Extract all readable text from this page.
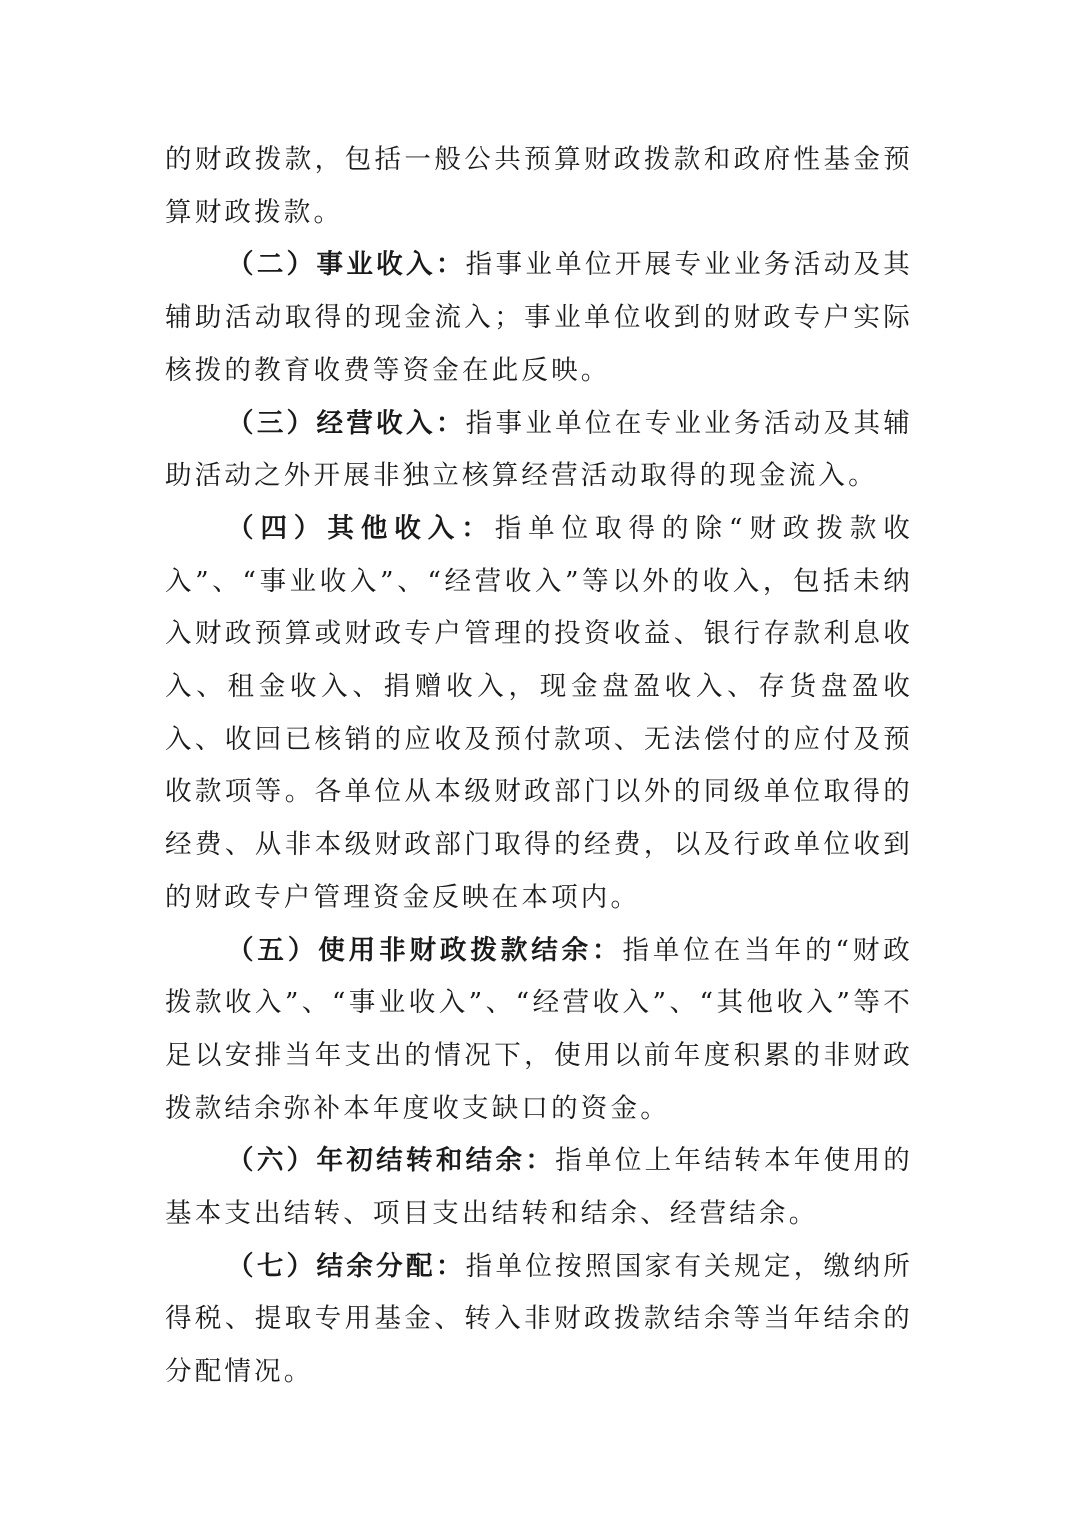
的财政拨款，包括一般公共预算财政拨款和政府性基金预算财政拨款。

（二）事业收入：指事业单位开展专业业务活动及其辅助活动取得的现金流入；事业单位收到的财政专户实际核拨的教育收费等资金在此反映。

（三）经营收入：指事业单位在专业业务活动及其辅助活动之外开展非独立核算经营活动取得的现金流入。

（四）其他收入：指单位取得的除“财政拨款收入”、“事业收入”、“经营收入”等以外的收入，包括未纳入财政预算或财政专户管理的投资收益、银行存款利息收入、租金收入、捐赠收入，现金盘盈收入、存货盘盈收入、收回已核销的应收及预付款项、无法偿付的应付及预收款项等。各单位从本级财政部门以外的同级单位取得的经费、从非本级财政部门取得的经费，以及行政单位收到的财政专户管理资金反映在本项内。

（五）使用非财政拨款结余：指单位在当年的“财政拨款收入”、“事业收入”、“经营收入”、“其他收入”等不足以安排当年支出的情况下，使用以前年度积累的非财政拨款结余弥补本年度收支缺口的资金。

（六）年初结转和结余：指单位上年结转本年使用的基本支出结转、项目支出结转和结余、经营结余。

（七）结余分配：指单位按照国家有关规定，缴纳所得税、提取专用基金、转入非财政拨款结余等当年结余的分配情况。
